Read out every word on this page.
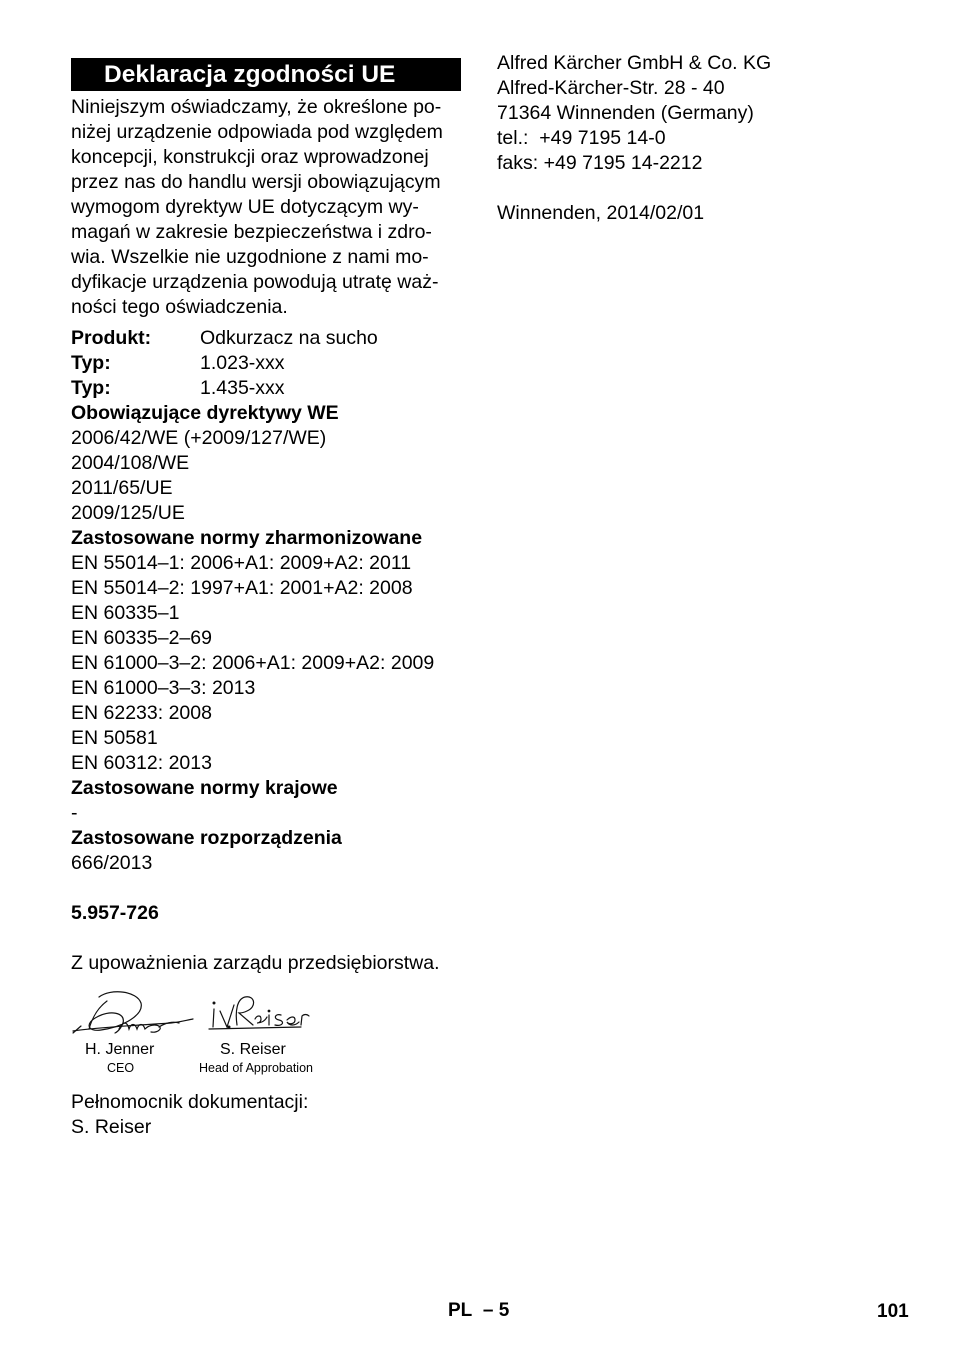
Deklaracja zgodności UE
Niniejszym oświadczamy, że określone po-
niżej urządzenie odpowiada pod względem
koncepcji, konstrukcji oraz wprowadzonej
przez nas do handlu wersji obowiązującym
wymogom dyrektyw UE dotyczącym wy-
magań w zakresie bezpieczeństwa i zdro-
wia. Wszelkie nie uzgodnione z nami mo-
dyfikacje urządzenia powodują utratę waż-
ności tego oświadczenia.
Produkt:	Odkurzacz na sucho
Typ:	1.023-xxx
Typ:	1.435-xxx
Obowiązujące dyrektywy WE
2006/42/WE (+2009/127/WE)
2004/108/WE
2011/65/UE
2009/125/UE
Zastosowane normy zharmonizowane
EN 55014–1: 2006+A1: 2009+A2: 2011
EN 55014–2: 1997+A1: 2001+A2: 2008
EN 60335–1
EN 60335–2–69
EN 61000–3–2: 2006+A1: 2009+A2: 2009
EN 61000–3–3: 2013
EN 62233: 2008
EN 50581
EN 60312: 2013
Zastosowane normy krajowe
-
Zastosowane rozporządzenia
666/2013
5.957-726
Z upoważnienia zarządu przedsiębiorstwa.
H. Jenner
CEO
S. Reiser
Head of Approbation
Pełnomocnik dokumentacji:
S. Reiser
Alfred Kärcher GmbH & Co. KG
Alfred-Kärcher-Str. 28 - 40
71364 Winnenden (Germany)
tel.:  +49 7195 14-0
faks: +49 7195 14-2212
Winnenden, 2014/02/01
PL – 5	101
